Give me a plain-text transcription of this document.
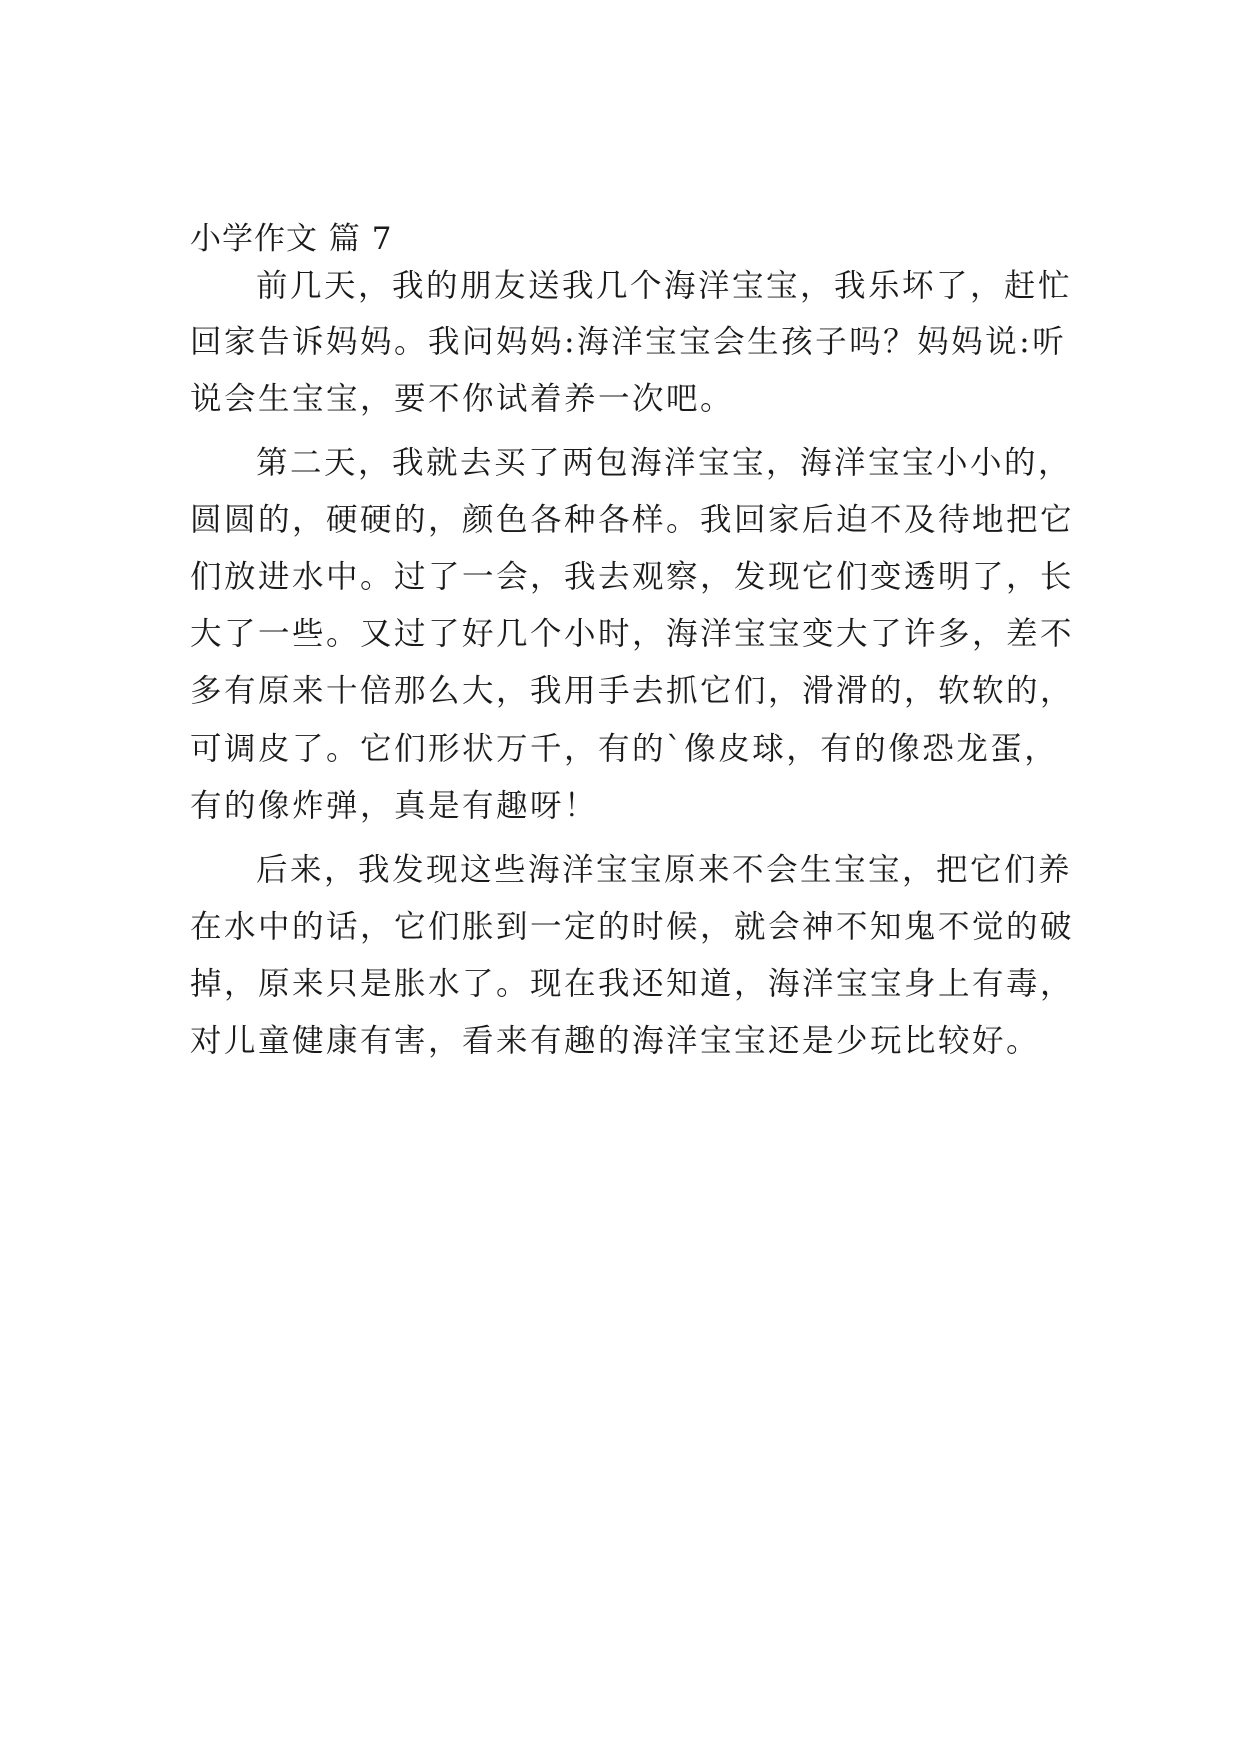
小学作文 篇 7

前几天，我的朋友送我几个海洋宝宝，我乐坏了，赶忙

回家告诉妈妈。我问妈妈:海洋宝宝会生孩子吗？妈妈说:听

说会生宝宝，要不你试着养一次吧。

第二天，我就去买了两包海洋宝宝，海洋宝宝小小的，

圆圆的，硬硬的，颜色各种各样。我回家后迫不及待地把它

们放进水中。过了一会，我去观察，发现它们变透明了，长

大了一些。又过了好几个小时，海洋宝宝变大了许多，差不

多有原来十倍那么大，我用手去抓它们，滑滑的，软软的，

可调皮了。它们形状万千，有的`像皮球，有的像恐龙蛋，

有的像炸弹，真是有趣呀！

后来，我发现这些海洋宝宝原来不会生宝宝，把它们养

在水中的话，它们胀到一定的时候，就会神不知鬼不觉的破

掉，原来只是胀水了。现在我还知道，海洋宝宝身上有毒，

对儿童健康有害，看来有趣的海洋宝宝还是少玩比较好。
